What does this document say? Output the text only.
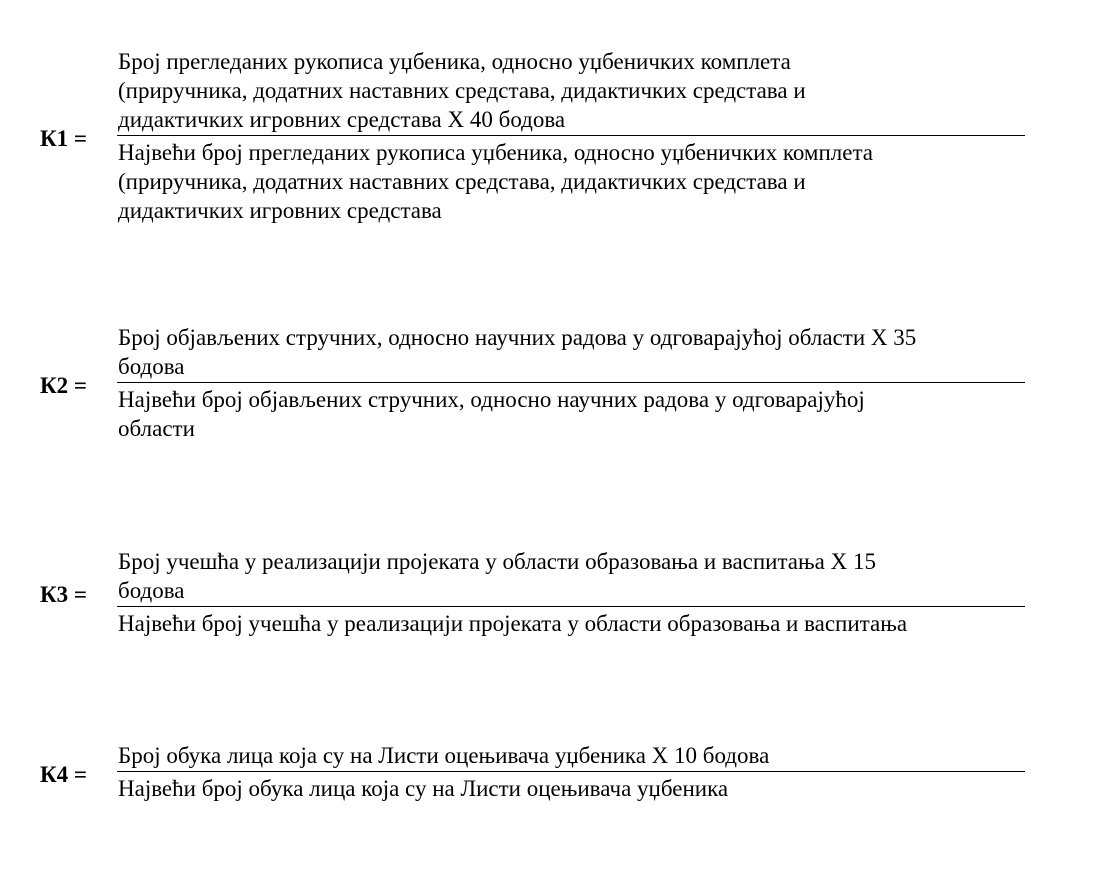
К1 =
Број прегледаних рукописа уџбеника, односно уџбеничких комплета
(приручника, додатних наставних средстава, дидактичких средстава и
дидактичких игровних средстава Х 40 бодова
Највећи број прегледаних рукописа уџбеника, односно уџбеничких комплета
(приручника, додатних наставних средстава, дидактичких средстава и
дидактичких игровних средстава
К2 =
Број објављених стручних, односно научних радова у одговарајућој области Х 35
бодова
Највећи број објављених стручних, односно научних радова у одговарајућој
области
К3 =
Број учешћа у реализацији пројеката у области образовања и васпитања Х 15
бодова
Највећи број учешћа у реализацији пројеката у области образовања и васпитања
К4 =
Број обука лица која су на Листи оцењивача уџбеника Х 10 бодова
Највећи број обука лица која су на Листи оцењивача уџбеника
